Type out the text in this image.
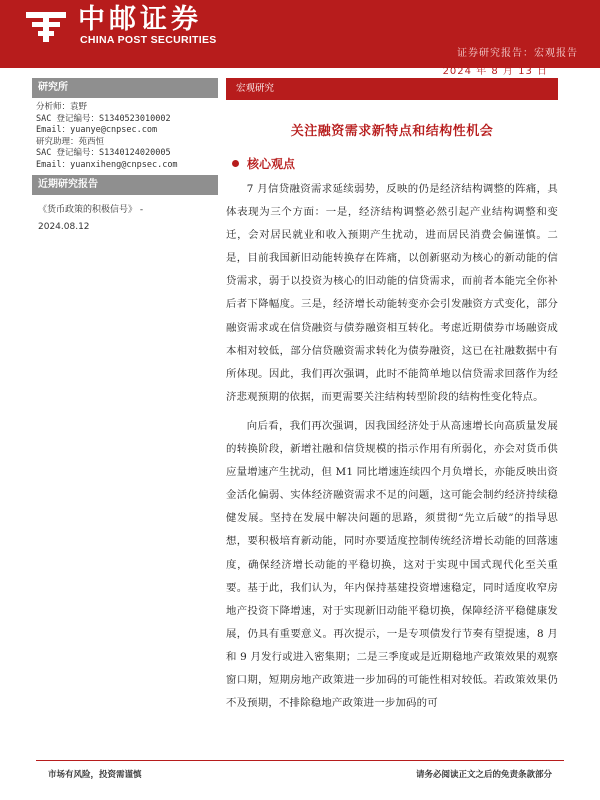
中邮证券
CHINA POST SECURITIES
证券研究报告：宏观报告
2024 年 8 月 13 日
研究所
分析师：袁野
SAC 登记编号：S1340523010002
Email：yuanye@cnpsec.com
研究助理：苑西恒
SAC 登记编号：S1340124020005
Email：yuanxiheng@cnpsec.com
近期研究报告
《货币政策的积极信号》 -
2024.08.12
宏观研究
关注融资需求新特点和结构性机会
核心观点

7 月信贷融资需求延续弱势，反映的仍是经济结构调整的阵痛，具体表现为三个方面：一是，经济结构调整必然引起产业结构调整和变迁，会对居民就业和收入预期产生扰动，进而居民消费会偏谨慎。二是，目前我国新旧动能转换存在阵痛，以创新驱动为核心的新动能的信贷需求，弱于以投资为核心的旧动能的信贷需求，而前者本能完全你补后者下降幅度。三是，经济增长动能转变亦会引发融资方式变化，部分融资需求或在信贷融资与债券融资相互转化。考虑近期债券市场融资成本相对较低，部分信贷融资需求转化为债券融资，这已在社融数据中有所体现。因此，我们再次强调，此时不能简单地以信贷需求回落作为经济悲观预期的依据，而更需要关注结构转型阶段的结构性变化特点。

向后看，我们再次强调，因我国经济处于从高速增长向高质量发展的转换阶段，新增社融和信贷规模的指示作用有所弱化，亦会对货币供应量增速产生扰动，但 M1 同比增速连续四个月负增长，亦能反映出资金活化偏弱、实体经济融资需求不足的问题，这可能会制约经济持续稳健发展。坚持在发展中解决问题的思路，须贯彻“先立后破”的指导思想，要积极培育新动能，同时亦要适度控制传统经济增长动能的回落速度，确保经济增长动能的平稳切换，这对于实现中国式现代化至关重要。基于此，我们认为，年内保持基建投资增速稳定，同时适度收窄房地产投资下降增速，对于实现新旧动能平稳切换，保障经济平稳健康发展，仍具有重要意义。再次提示，一是专项债发行节奏有望提速，8 月和 9 月发行或进入密集期；二是三季度或是近期稳地产政策效果的观察窗口期，短期房地产政策进一步加码的可能性相对较低。若政策效果仍不及预期，不排除稳地产政策进一步加码的可

市场有风险，投资需谨慎	请务必阅读正文之后的免责条款部分
